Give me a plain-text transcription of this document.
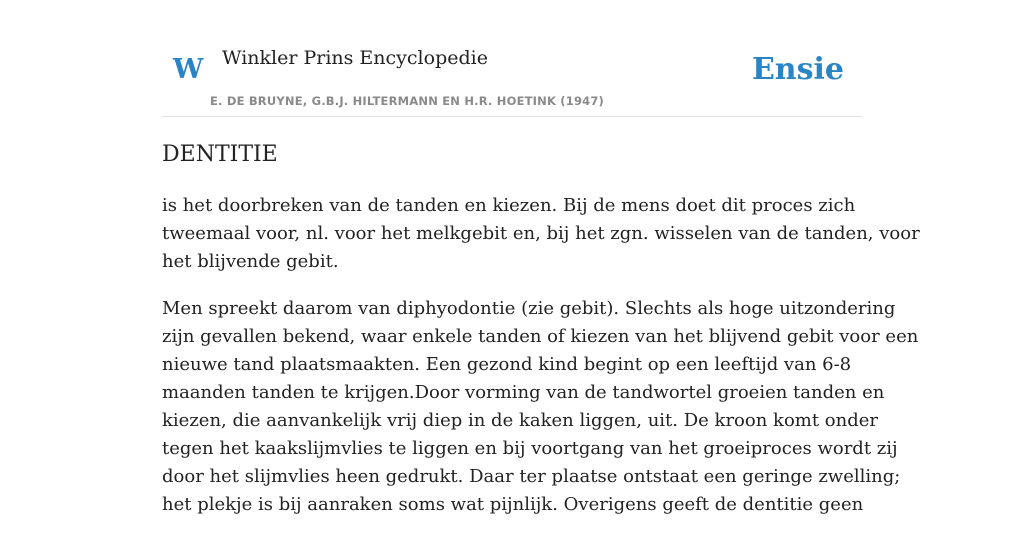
W Winkler Prins Encyclopedie
E. DE BRUYNE, G.B.J. HILTERMANN EN H.R. HOETINK (1947)
Ensie
DENTITIE

is het doorbreken van de tanden en kiezen. Bij de mens doet dit proces zich
tweemaal voor, nl. voor het melkgebit en, bij het zgn. wisselen van de tanden, voor
het blijvende gebit.

Men spreekt daarom van diphyodontie (zie gebit). Slechts als hoge uitzondering
zijn gevallen bekend, waar enkele tanden of kiezen van het blijvend gebit voor een
nieuwe tand plaatsmaakten. Een gezond kind begint op een leeftijd van 6-8
maanden tanden te krijgen.Door vorming van de tandwortel groeien tanden en
kiezen, die aanvankelijk vrij diep in de kaken liggen, uit. De kroon komt onder
tegen het kaakslijmvlies te liggen en bij voortgang van het groeiproces wordt zij
door het slijmvlies heen gedrukt. Daar ter plaatse ontstaat een geringe zwelling;
het plekje is bij aanraken soms wat pijnlijk. Overigens geeft de dentitie geen
